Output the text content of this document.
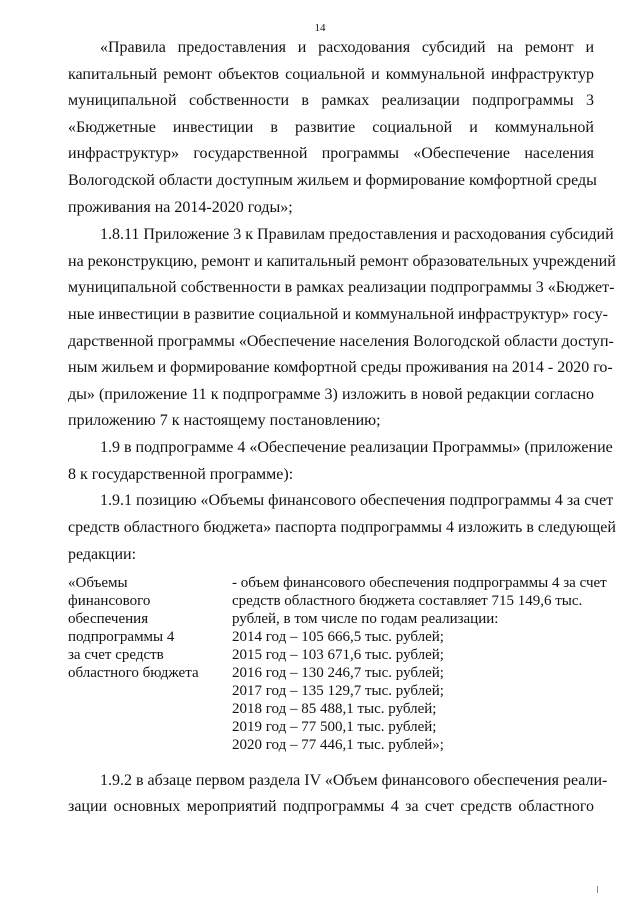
14
«Правила предоставления и расходования субсидий на ремонт и
капитальный ремонт объектов социальной и коммунальной инфраструктур
муниципальной собственности в рамках реализации подпрограммы 3
«Бюджетные инвестиции в развитие социальной и коммунальной
инфраструктур» государственной программы «Обеспечение населения
Вологодской области доступным жильем и формирование комфортной среды
проживания на 2014-2020 годы»;
1.8.11 Приложение 3 к Правилам предоставления и расходования субсидий
на реконструкцию, ремонт и капитальный ремонт образовательных учреждений
муниципальной собственности в рамках реализации подпрограммы 3 «Бюджет-
ные инвестиции в развитие социальной и коммунальной инфраструктур» госу-
дарственной программы «Обеспечение населения Вологодской области доступ-
ным жильем и формирование комфортной среды проживания на 2014 - 2020 го-
ды» (приложение 11 к подпрограмме 3) изложить в новой редакции согласно
приложению 7 к настоящему постановлению;
1.9 в подпрограмме 4 «Обеспечение реализации Программы» (приложение
8 к государственной программе):
1.9.1 позицию «Объемы финансового обеспечения подпрограммы 4 за счет
средств областного бюджета» паспорта подпрограммы 4 изложить в следующей
редакции:
«Объемы
финансового
обеспечения
подпрограммы 4
за счет средств
областного бюджета
- объем финансового обеспечения подпрограммы 4 за счет
средств областного бюджета составляет 715 149,6 тыс.
рублей, в том числе по годам реализации:
2014 год – 105 666,5 тыс. рублей;
2015 год – 103 671,6 тыс. рублей;
2016 год – 130 246,7 тыс. рублей;
2017 год – 135 129,7 тыс. рублей;
2018 год – 85 488,1 тыс. рублей;
2019 год – 77 500,1 тыс. рублей;
2020 год – 77 446,1 тыс. рублей»;
1.9.2 в абзаце первом раздела IV «Объем финансового обеспечения реали-
зации основных мероприятий подпрограммы 4 за счет средств областного
